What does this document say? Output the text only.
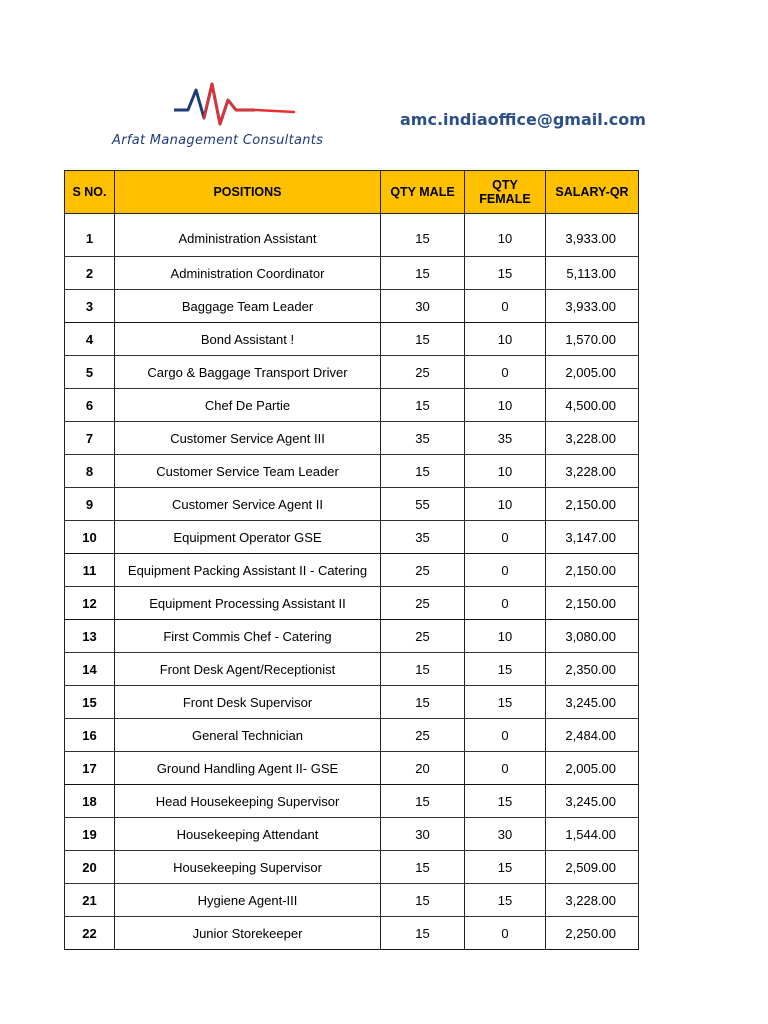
Arfat Management Consultants
amc.indiaoffice@gmail.com
S NO.	POSITIONS	QTY MALE	QTY FEMALE	SALARY-QR
1	Administration Assistant	15	10	3,933.00
2	Administration Coordinator	15	15	5,113.00
3	Baggage Team Leader	30	0	3,933.00
4	Bond Assistant !	15	10	1,570.00
5	Cargo & Baggage Transport Driver	25	0	2,005.00
6	Chef De Partie	15	10	4,500.00
7	Customer Service Agent III	35	35	3,228.00
8	Customer Service Team Leader	15	10	3,228.00
9	Customer Service Agent II	55	10	2,150.00
10	Equipment Operator GSE	35	0	3,147.00
11	Equipment Packing Assistant II - Catering	25	0	2,150.00
12	Equipment Processing Assistant II	25	0	2,150.00
13	First Commis Chef - Catering	25	10	3,080.00
14	Front Desk Agent/Receptionist	15	15	2,350.00
15	Front Desk Supervisor	15	15	3,245.00
16	General Technician	25	0	2,484.00
17	Ground Handling Agent II- GSE	20	0	2,005.00
18	Head Housekeeping Supervisor	15	15	3,245.00
19	Housekeeping Attendant	30	30	1,544.00
20	Housekeeping Supervisor	15	15	2,509.00
21	Hygiene Agent-III	15	15	3,228.00
22	Junior Storekeeper	15	0	2,250.00
